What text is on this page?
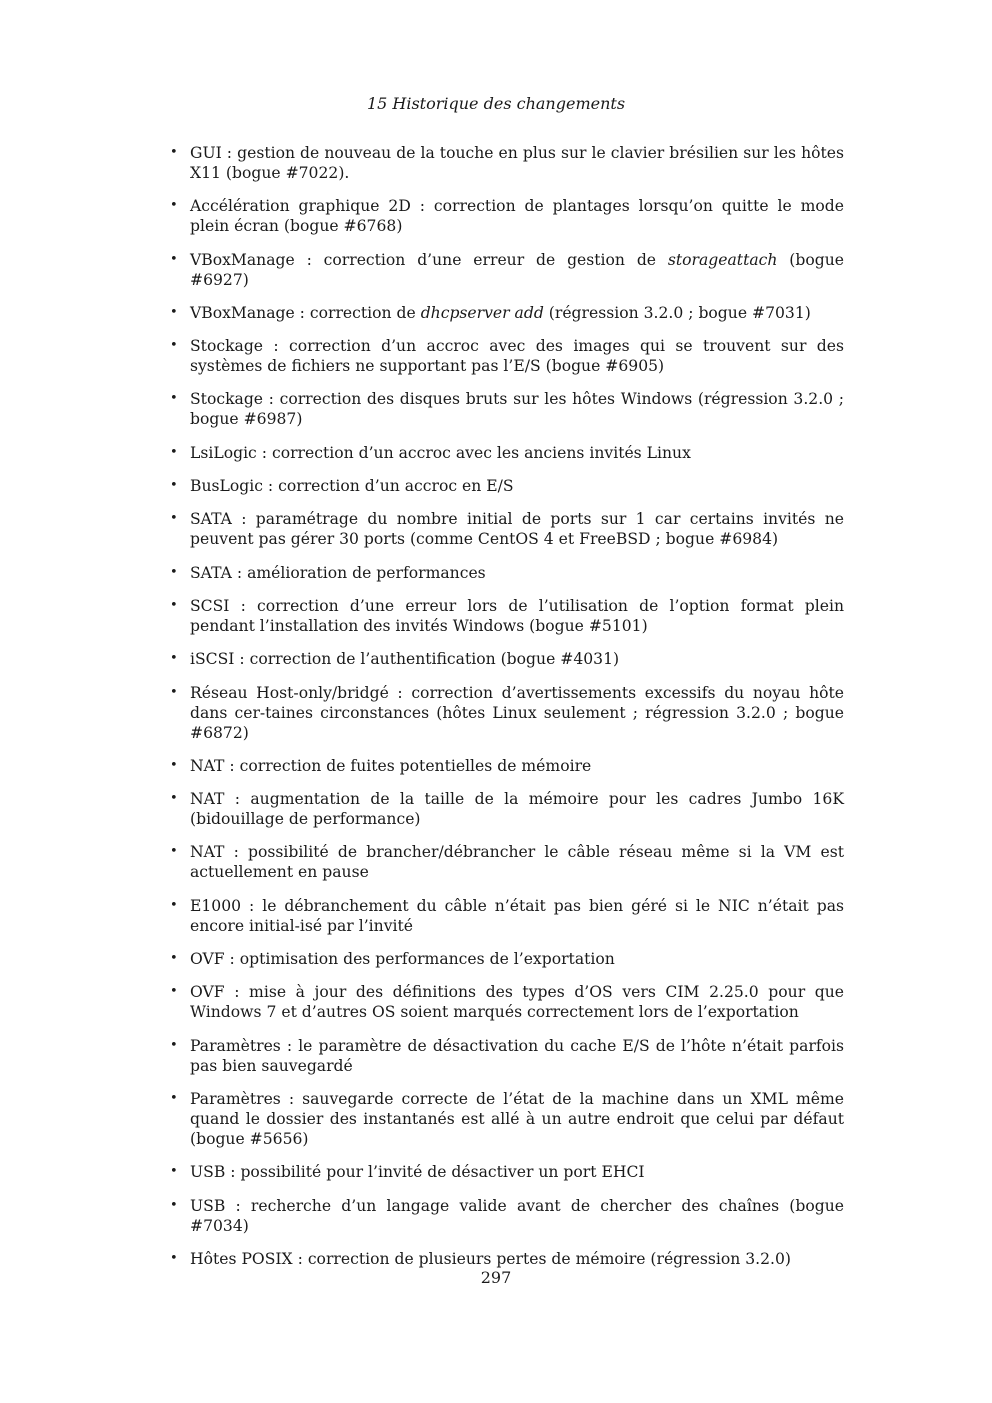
15 Historique des changements
• GUI : gestion de nouveau de la touche en plus sur le clavier brésilien sur les hôtes X11 (bogue #7022).
• Accélération graphique 2D : correction de plantages lorsqu’on quitte le mode plein écran (bogue #6768)
• VBoxManage : correction d’une erreur de gestion de storageattach (bogue #6927)
• VBoxManage : correction de dhcpserver add (régression 3.2.0 ; bogue #7031)
• Stockage : correction d’un accroc avec des images qui se trouvent sur des systèmes de fichiers ne supportant pas l’E/S (bogue #6905)
• Stockage : correction des disques bruts sur les hôtes Windows (régression 3.2.0 ; bogue #6987)
• LsiLogic : correction d’un accroc avec les anciens invités Linux
• BusLogic : correction d’un accroc en E/S
• SATA : paramétrage du nombre initial de ports sur 1 car certains invités ne peuvent pas gérer 30 ports (comme CentOS 4 et FreeBSD ; bogue #6984)
• SATA : amélioration de performances
• SCSI : correction d’une erreur lors de l’utilisation de l’option format plein pendant l’installation des invités Windows (bogue #5101)
• iSCSI : correction de l’authentification (bogue #4031)
• Réseau Host-only/bridgé : correction d’avertissements excessifs du noyau hôte dans cer-taines circonstances (hôtes Linux seulement ; régression 3.2.0 ; bogue #6872)
• NAT : correction de fuites potentielles de mémoire
• NAT : augmentation de la taille de la mémoire pour les cadres Jumbo 16K (bidouillage de performance)
• NAT : possibilité de brancher/débrancher le câble réseau même si la VM est actuellement en pause
• E1000 : le débranchement du câble n’était pas bien géré si le NIC n’était pas encore initial-isé par l’invité
• OVF : optimisation des performances de l’exportation
• OVF : mise à jour des définitions des types d’OS vers CIM 2.25.0 pour que Windows 7 et d’autres OS soient marqués correctement lors de l’exportation
• Paramètres : le paramètre de désactivation du cache E/S de l’hôte n’était parfois pas bien sauvegardé
• Paramètres : sauvegarde correcte de l’état de la machine dans un XML même quand le dossier des instantanés est allé à un autre endroit que celui par défaut (bogue #5656)
• USB : possibilité pour l’invité de désactiver un port EHCI
• USB : recherche d’un langage valide avant de chercher des chaînes (bogue #7034)
• Hôtes POSIX : correction de plusieurs pertes de mémoire (régression 3.2.0)
297
